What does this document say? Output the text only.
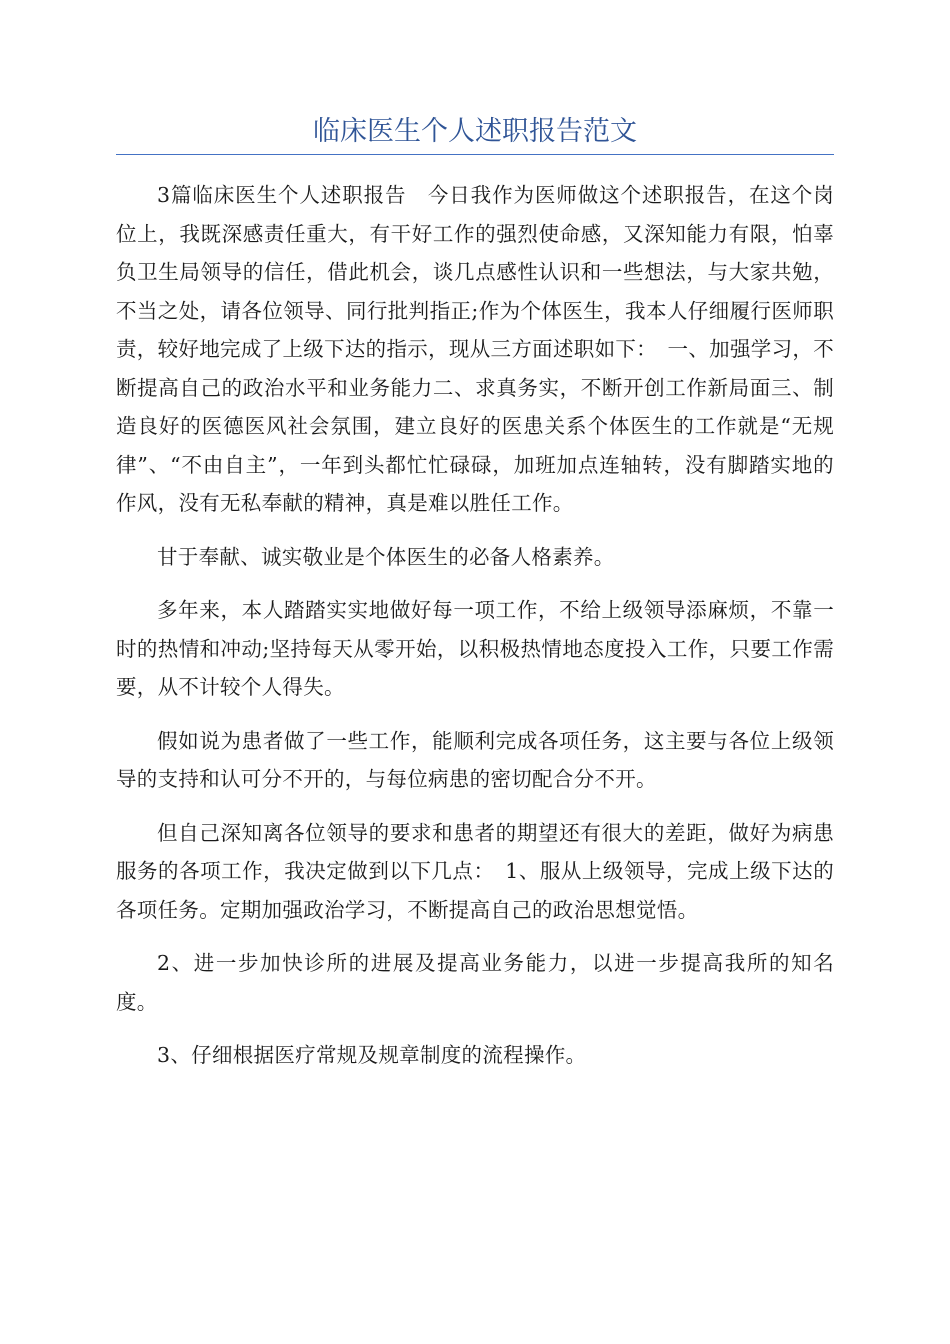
临床医生个人述职报告范文

3篇临床医生个人述职报告　今日我作为医师做这个述职报告，在这个岗位上，我既深感责任重大，有干好工作的强烈使命感，又深知能力有限，怕辜负卫生局领导的信任，借此机会，谈几点感性认识和一些想法，与大家共勉，不当之处，请各位领导、同行批判指正;作为个体医生，我本人仔细履行医师职责，较好地完成了上级下达的指示，现从三方面述职如下：　一、加强学习，不断提高自己的政治水平和业务能力二、求真务实，不断开创工作新局面三、制造良好的医德医风社会氛围，建立良好的医患关系个体医生的工作就是“无规律”、“不由自主”，一年到头都忙忙碌碌，加班加点连轴转，没有脚踏实地的作风，没有无私奉献的精神，真是难以胜任工作。

甘于奉献、诚实敬业是个体医生的必备人格素养。

多年来，本人踏踏实实地做好每一项工作，不给上级领导添麻烦，不靠一时的热情和冲动;坚持每天从零开始，以积极热情地态度投入工作，只要工作需要，从不计较个人得失。

假如说为患者做了一些工作，能顺利完成各项任务，这主要与各位上级领导的支持和认可分不开的，与每位病患的密切配合分不开。

但自己深知离各位领导的要求和患者的期望还有很大的差距，做好为病患服务的各项工作，我决定做到以下几点：　1、服从上级领导，完成上级下达的各项任务。定期加强政治学习，不断提高自己的政治思想觉悟。

2、进一步加快诊所的进展及提高业务能力，以进一步提高我所的知名度。

3、仔细根据医疗常规及规章制度的流程操作。
